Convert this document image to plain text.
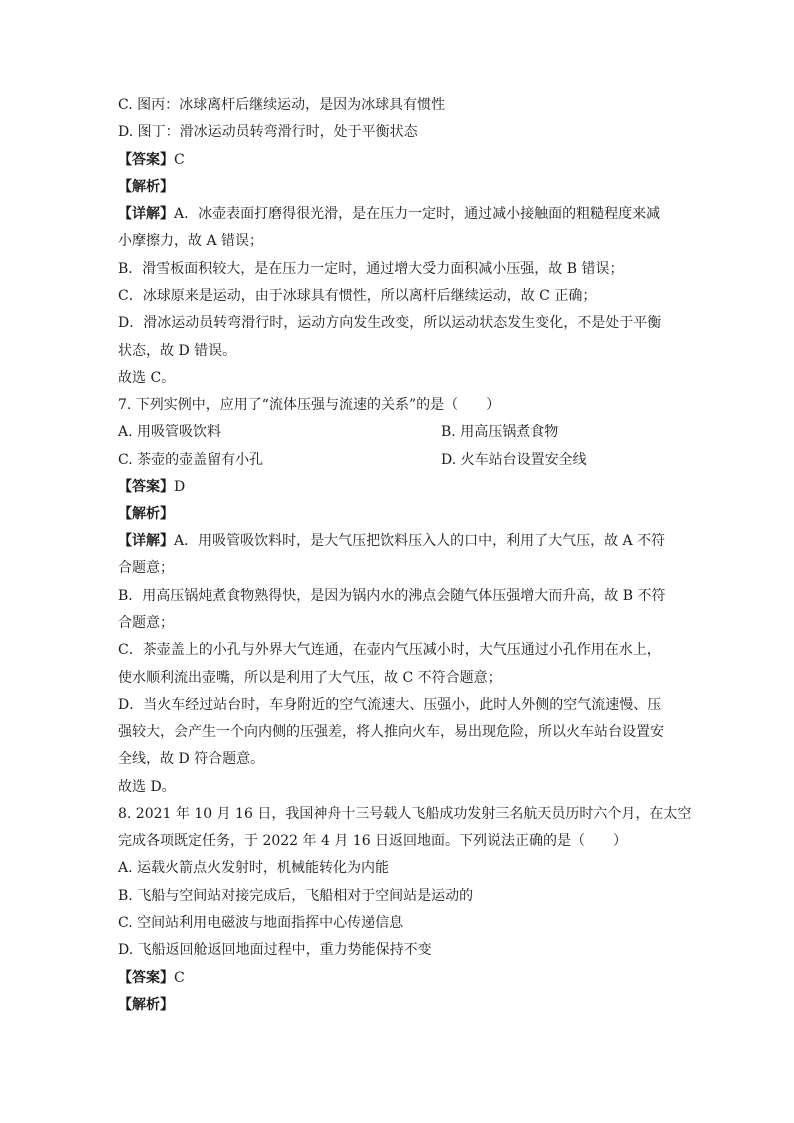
C. 图丙：冰球离杆后继续运动，是因为冰球具有惯性
D. 图丁：滑冰运动员转弯滑行时，处于平衡状态
【答案】C
【解析】
【详解】A．冰壶表面打磨得很光滑，是在压力一定时，通过减小接触面的粗糙程度来减
小摩擦力，故 A 错误；
B．滑雪板面积较大，是在压力一定时，通过增大受力面积减小压强，故 B 错误；
C．冰球原来是运动，由于冰球具有惯性，所以离杆后继续运动，故 C 正确；
D．滑冰运动员转弯滑行时，运动方向发生改变，所以运动状态发生变化，不是处于平衡
状态，故 D 错误。
故选 C。
7. 下列实例中，应用了“流体压强与流速的关系”的是（　　）
A. 用吸管吸饮料	B. 用高压锅煮食物
C. 茶壶的壶盖留有小孔	D. 火车站台设置安全线
【答案】D
【解析】
【详解】A．用吸管吸饮料时，是大气压把饮料压入人的口中，利用了大气压，故 A 不符
合题意；
B．用高压锅炖煮食物熟得快，是因为锅内水的沸点会随气体压强增大而升高，故 B 不符
合题意；
C．茶壶盖上的小孔与外界大气连通，在壶内气压减小时，大气压通过小孔作用在水上，
使水顺利流出壶嘴，所以是利用了大气压，故 C 不符合题意；
D．当火车经过站台时，车身附近的空气流速大、压强小，此时人外侧的空气流速慢、压
强较大，会产生一个向内侧的压强差，将人推向火车，易出现危险，所以火车站台设置安
全线，故 D 符合题意。
故选 D。
8. 2021 年 10 月 16 日，我国神舟十三号载人飞船成功发射三名航天员历时六个月，在太空
完成各项既定任务，于 2022 年 4 月 16 日返回地面。下列说法正确的是（　　）
A. 运载火箭点火发射时，机械能转化为内能
B. 飞船与空间站对接完成后，飞船相对于空间站是运动的
C. 空间站利用电磁波与地面指挥中心传递信息
D. 飞船返回舱返回地面过程中，重力势能保持不变
【答案】C
【解析】
